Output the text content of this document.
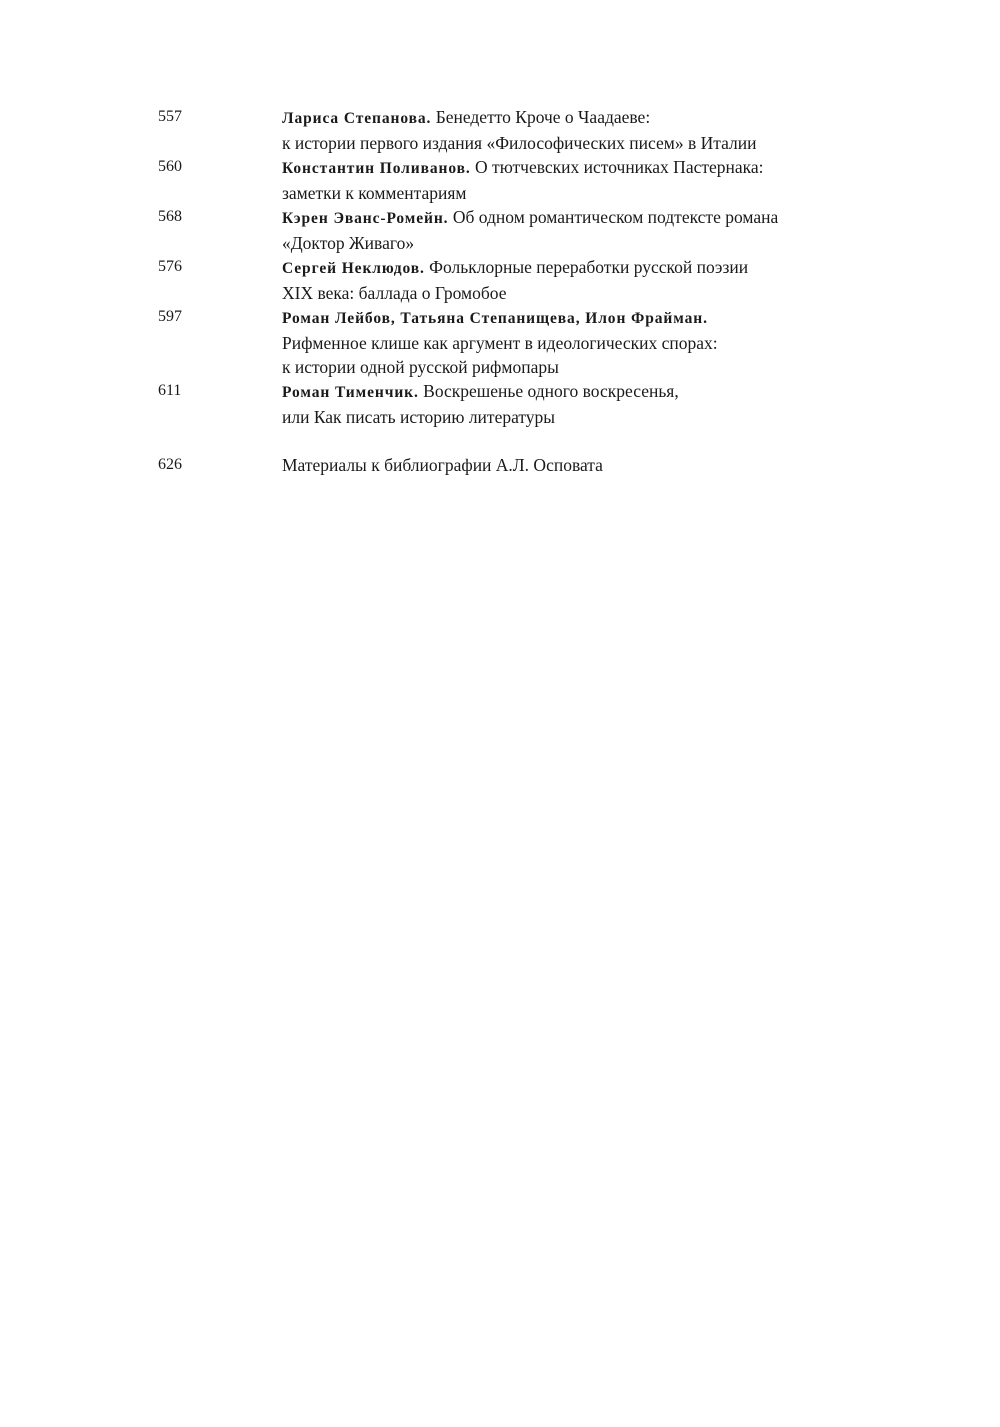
557	Лариса Степанова. Бенедетто Кроче о Чаадаеве:
к истории первого издания «Философических писем» в Италии
560	Константин Поливанов. О тютчевских источниках Пастернака:
заметки к комментариям
568	Кэрен Эванс-Ромейн. Об одном романтическом подтексте романа
«Доктор Живаго»
576	Сергей Неклюдов. Фольклорные переработки русской поэзии
XIX века: баллада о Громобое
597	Роман Лейбов, Татьяна Степанищева, Илон Фрайман.
Рифменное клише как аргумент в идеологических спорах:
к истории одной русской рифмопары
611	Роман Тименчик. Воскрешенье одного воскресенья,
или Как писать историю литературы
626	Материалы к библиографии А.Л. Осповата
